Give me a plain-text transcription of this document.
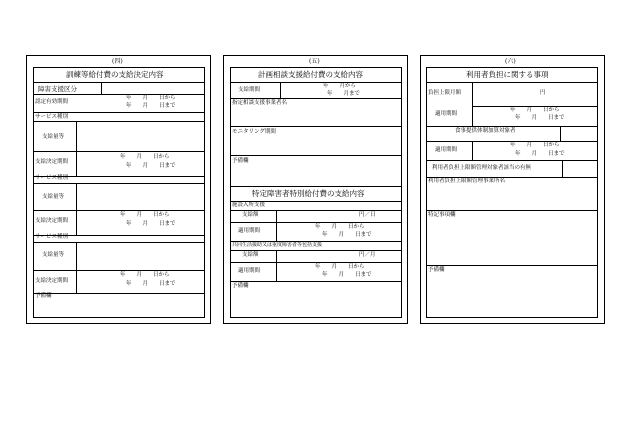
(四)
訓練等給付費の支給決定内容
障害支援区分
認定有効期間
年　　月　　日から
年　　月　　日まで
サービス種別
支給量等
支給決定期間
年　　月　　日から
年　　月　　日まで
サービス種別
支給量等
支給決定期間
年　　月　　日から
年　　月　　日まで
サービス種別
支給量等
支給決定期間
年　　月　　日から
年　　月　　日まで
予備欄
(五)
計画相談支援給付費の支給内容
支給期間
年　　月から
年　　月まで
指定相談支援事業者名
モニタリング期間
予備欄
特定障害者特別給付費の支給内容
施設入所支援
支給額	円／日
適用期間
年　　月　　日から
年　　月　　日まで
共同生活援助又は重度障害者等包括支援
支給額	円／月
適用期間
年　　月　　日から
年　　月　　日まで
予備欄
(六)
利用者負担に関する事項
負担上限月額	円
適用期間
年　　月　　日から
年　　月　　日まで
食事提供体制加算対象者
適用期間
年　　月　　日から
年　　月　　日まで
利用者負担上限額管理対象者該当の有無
利用者負担上限額管理事業所名
特記事項欄
予備欄
